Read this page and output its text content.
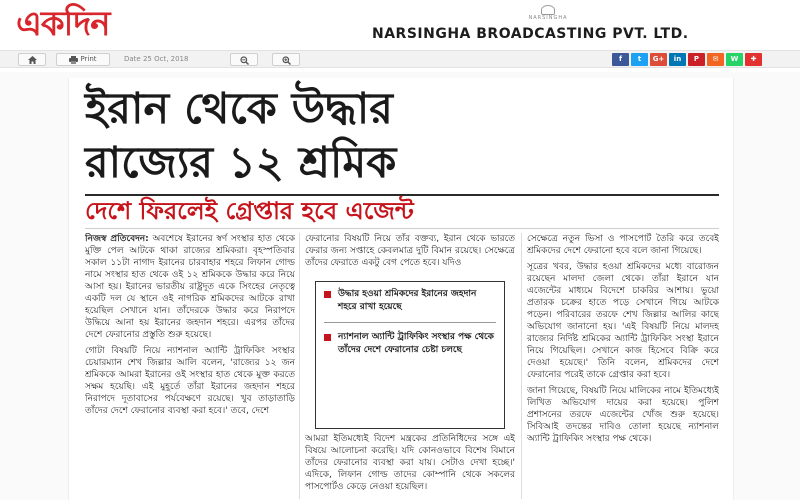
একদিন	NARSINGHA
NARSINGHA BROADCASTING PVT. LTD.
Print	Date 25 Oct, 2018	f	t	G+	in	P	✉	W	✚
ইরান থেকে উদ্ধার
রাজ্যের ১২ শ্রমিক
দেশে ফিরলেই গ্রেপ্তার হবে এজেন্ট

নিজস্ব প্রতিবেদন: অবশেষে ইরানের স্বর্ণ সংস্থার হাত থেকে মুক্তি পেল আটকে থাকা রাজ্যের শ্রমিকরা। বৃহস্পতিবার সকাল ১১টা নাগাদ ইরানের চারবাহার শহরে লিফান গোল্ড নামে সংস্থার হাত থেকে ওই ১২ শ্রমিককে উদ্ধার করে নিয়ে আসা হয়। ইরানের ভারতীয় রাষ্ট্রদূত একে সিংহের নেতৃত্বে একটি দল যে স্থানে ওই নাগরিক শ্রমিকদের আটকে রাখা হয়েছিল সেখানে যান। তাঁদেরকে উদ্ধার করে নিরাপদে উদ্ধিয়ে আনা হয় ইরানের জহদান শহরে। এরপর তাঁদের দেশে ফেরানোর প্রস্তুতি শুরু হয়েছে।

গোটা বিষয়টি নিয়ে ন্যাশনাল অ্যান্টি ট্রাফিকিং সংস্থার চেয়ারম্যান শেখ জিল্লার আলি বলেন, 'রাজ্যের ১২ জন শ্রমিককে আমরা ইরানের ওই সংস্থার হাত থেকে মুক্ত করতে সক্ষম হয়েছি। এই মুহূর্তে তাঁরা ইরানের জহদান শহরে নিরাপদে দূতাবাসের পর্যবেক্ষণে রয়েছে। খুব তাড়াতাড়ি তাঁদের দেশে ফেরানোর ব্যবস্থা করা হবে।' তবে, দেশে

ফেরানোর বিষয়টি নিয়ে তাঁর বক্তব্য, ইরান থেকে ভারতে ফেরার জন্য সপ্তাহে কেবলমাত্র দুটি বিমান রয়েছে। সেক্ষেত্রে তাঁদের ফেরাতে একটু বেগ পেতে হবে। যদিও

আমরা ইতিমধ্যেই বিদেশ মন্ত্রকের প্রতিনিধিদের সঙ্গে এই বিষয়ে আলোচনা করেছি। যদি কোনওভাবে বিশেষ বিমানে তাঁদের ফেরানোর ব্যবস্থা করা যায়। সেটাও দেখা হচ্ছে।' এদিকে, লিফান গোল্ড তাদের কোম্পানি থেকে সকলের পাসপোর্টও কেড়ে নেওয়া হয়েছিল।

উদ্ধার হওয়া শ্রমিকদের ইরানের জহদান শহরে রাখা হয়েছে
ন্যাশনাল অ্যান্টি ট্রাফিকিং সংস্থার পক্ষ থেকে তাঁদের দেশে ফেরানোর চেষ্টা চলছে

সেক্ষেত্রে নতুন ভিসা ও পাসপোর্ট তৈরি করে তবেই শ্রমিকদের দেশে ফেরানো হবে বলে জানা গিয়েছে।

সূত্রের খবর, উদ্ধার হওয়া শ্রমিকদের মধ্যে বারোজন রয়েছেন মালদা জেলা থেকে। তাঁরা ইরানে যান এজেন্টের মাধ্যমে বিদেশে চাকরির আশায়। ভুয়ো প্রতারক চক্রের হাতে পড়ে সেখানে গিয়ে আটকে পড়েন। পরিবারের তরফে শেখ জিল্লার আলির কাছে অভিযোগ জানানো হয়। 'এই বিষয়টি নিয়ে মালদহ রাজ্যের নির্দিষ্ট শ্রমিকের অ্যান্টি ট্রাফিকিং সংস্থা ইরানে নিয়ে গিয়েছিল। সেখানে কাজ হিসেবে বিক্রি করে দেওয়া হয়েছে।' তিনি বলেন, শ্রমিকদের দেশে ফেরানোর পরেই তাকে গ্রেপ্তার করা হবে।

জানা গিয়েছে, বিষয়টি নিয়ে মালিকের নামে ইতিমধ্যেই লিখিত অভিযোগ দায়ের করা হয়েছে। পুলিশ প্রশাসনের তরফে এজেন্টের খোঁজ শুরু হয়েছে। সিবিআই তদন্তের দাবিও তোলা হয়েছে ন্যাশনাল অ্যান্টি ট্রাফিকিং সংস্থার পক্ষ থেকে।
